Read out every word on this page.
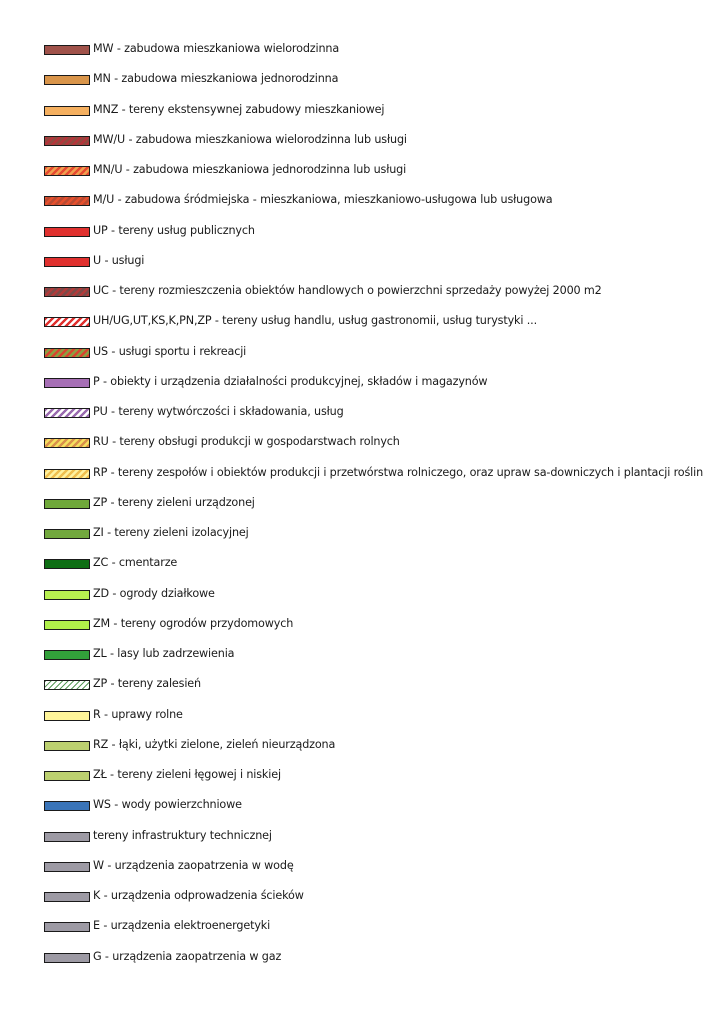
MW - zabudowa mieszkaniowa wielorodzinna
MN - zabudowa mieszkaniowa jednorodzinna
MNZ - tereny ekstensywnej zabudowy mieszkaniowej
MW/U - zabudowa mieszkaniowa wielorodzinna lub usługi
MN/U - zabudowa mieszkaniowa jednorodzinna lub usługi
M/U - zabudowa śródmiejska - mieszkaniowa, mieszkaniowo-usługowa lub usługowa
UP - tereny usług publicznych
U - usługi
UC - tereny rozmieszczenia obiektów handlowych o powierzchni sprzedaży powyżej 2000 m2
UH/UG,UT,KS,K,PN,ZP - tereny usług handlu, usług gastronomii, usług turystyki ...
US - usługi sportu i rekreacji
P - obiekty i urządzenia działalności produkcyjnej, składów i magazynów
PU - tereny wytwórczości i składowania, usług
RU - tereny obsługi produkcji w gospodarstwach rolnych
RP - tereny zespołów i obiektów produkcji i przetwórstwa rolniczego, oraz upraw sa-downiczych i plantacji roślin
ZP - tereny zieleni urządzonej
ZI - tereny zieleni izolacyjnej
ZC - cmentarze
ZD - ogrody działkowe
ZM - tereny ogrodów przydomowych
ZL - lasy lub zadrzewienia
ZP - tereny zalesień
R - uprawy rolne
RZ - łąki, użytki zielone, zieleń nieurządzona
ZŁ - tereny zieleni łęgowej i niskiej
WS - wody powierzchniowe
tereny infrastruktury technicznej
W - urządzenia zaopatrzenia w wodę
K - urządzenia odprowadzenia ścieków
E - urządzenia elektroenergetyki
G - urządzenia zaopatrzenia w gaz
